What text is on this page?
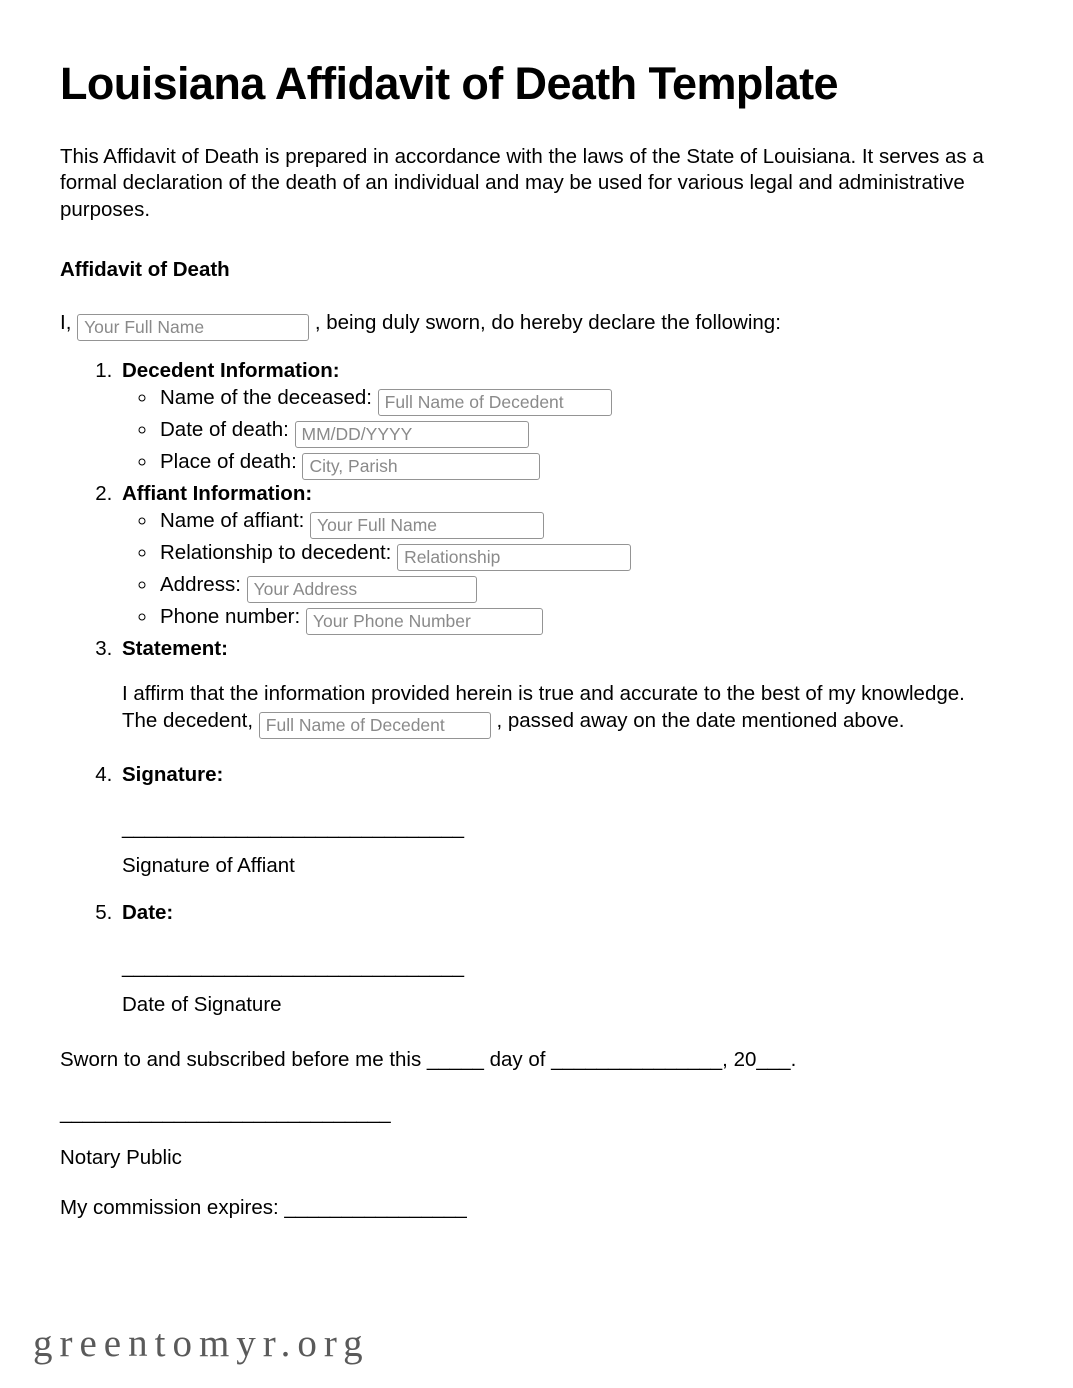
Louisiana Affidavit of Death Template

This Affidavit of Death is prepared in accordance with the laws of the State of Louisiana. It serves as a formal declaration of the death of an individual and may be used for various legal and administrative purposes.

Affidavit of Death

I, Your Full Name	, being duly sworn, do hereby declare the following:

1. Decedent Information:
◦ Name of the deceased: Full Name of Decedent
◦ Date of death: MM/DD/YYYY
◦ Place of death: City, Parish
2. Affiant Information:
◦ Name of affiant: Your Full Name
◦ Relationship to decedent: Relationship
◦ Address: Your Address
◦ Phone number: Your Phone Number
3. Statement:

I affirm that the information provided herein is true and accurate to the best of my knowledge. The decedent, Full Name of Decedent	, passed away on the date mentioned above.

4. Signature:
______________________________
Signature of Affiant
5. Date:
______________________________
Date of Signature

Sworn to and subscribed before me this _____ day of _______________, 20___.

_____________________________

Notary Public

My commission expires: ________________

greentomyr.org
